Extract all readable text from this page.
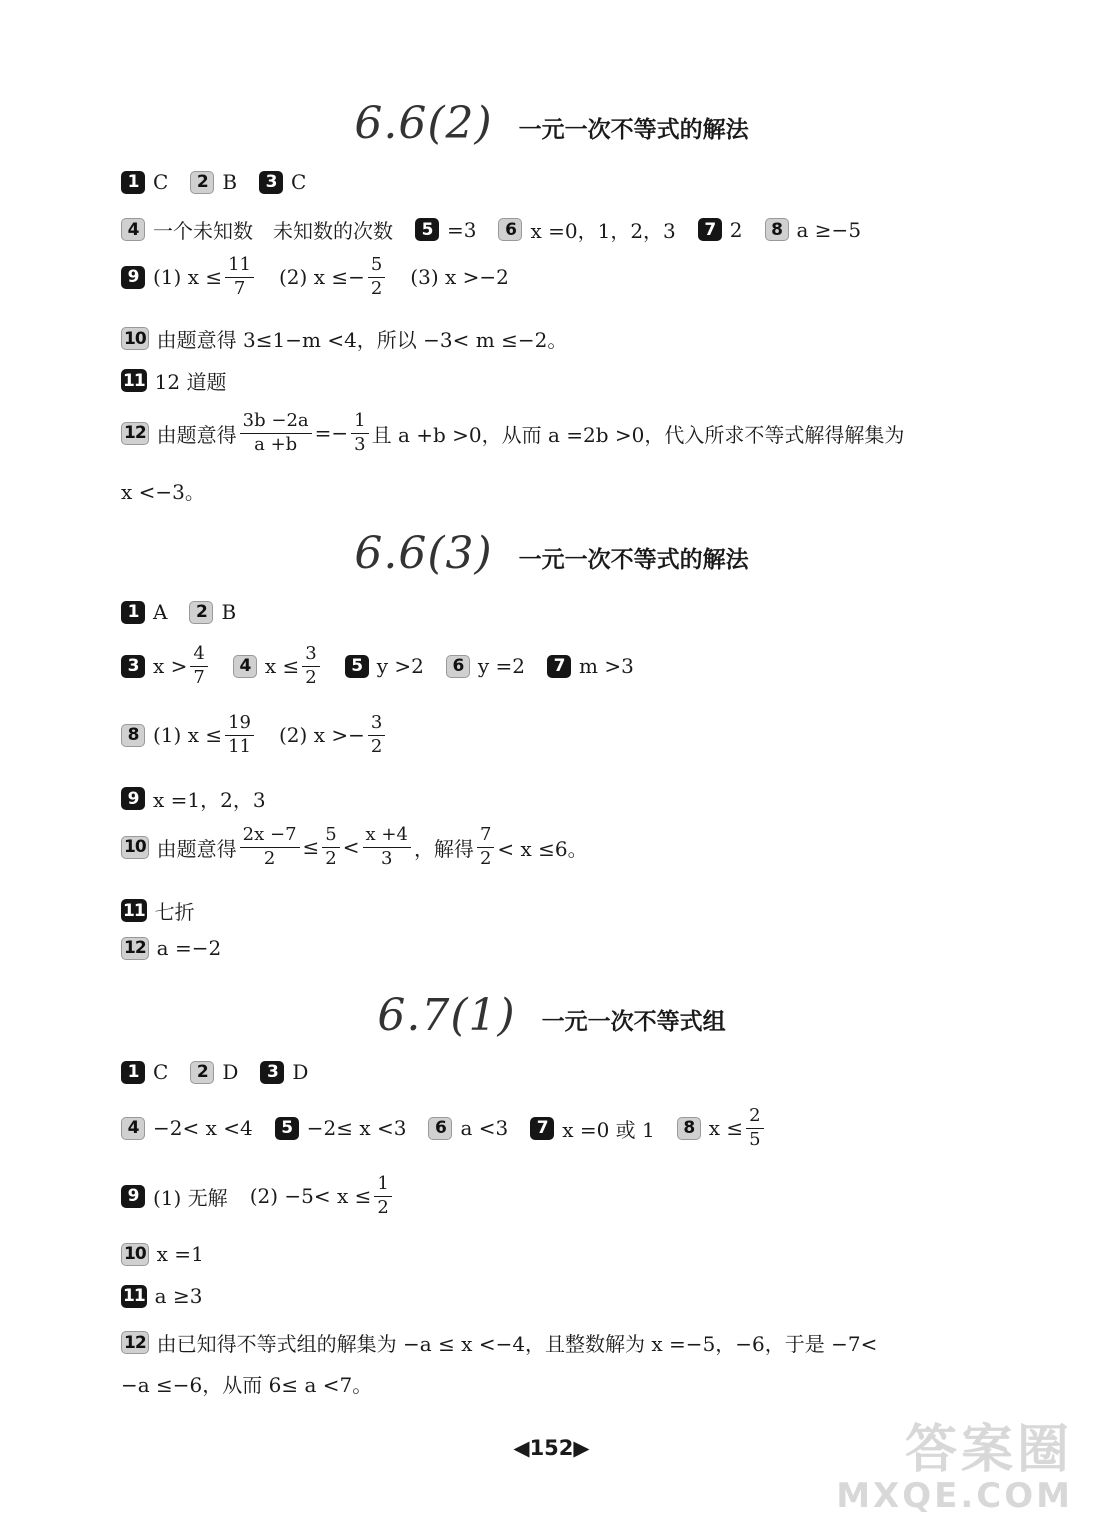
6.6(2) 一元一次不等式的解法
1 C	2 B	3 C
4 一个未知数　未知数的次数	5 =3	6 x =0，1，2，3	7 2	8 a ≥−5
9 (1) $x \le \frac{11}{7} (2) x \le- \frac{5}{2} (3)$ x >−2
10 由题意得 3≤1−m <4，所以 −3< m ≤−2。
11 12 道题
12 由题意得 $\frac{3b -2a}{a +b} =- \frac{1}{3}$ 且 a +b >0，从而 a =2b >0，代入所求不等式解得解集为
x <−3。
6.6(3) 一元一次不等式的解法
1 A	2 B
3 $x > \frac{4}{7}$	4 $x \le \frac{3}{2}$	5 y >2	6 y =2	7 m >3
8 (1) $x \le \frac{19}{11} (2) x >- \frac{3}{2}$
9 x =1，2，3
10 由题意得 $\frac{2x -7}{2} \le \frac{5}{2} < \frac{x +4}{3}$ ，解得 $\frac{7}{2} < x \le 6$。
11 七折
12 a =−2
6.7(1) 一元一次不等式组
1 C	2 D	3 D
4 −2< x <4	5 −2≤ x <3	6 a <3	7 x =0 或 1	8 $x \le \frac{2}{5}$
9 (1) 无解 $(2) -5< x \le \frac{1}{2}$
10 x =1
11 a ≥3
12 由已知得不等式组的解集为 −a ≤ x <−4，且整数解为 x =−5，−6，于是 −7<
−a ≤−6，从而 6≤ a <7。
◀152▶	答案圈
MXQE.COM
